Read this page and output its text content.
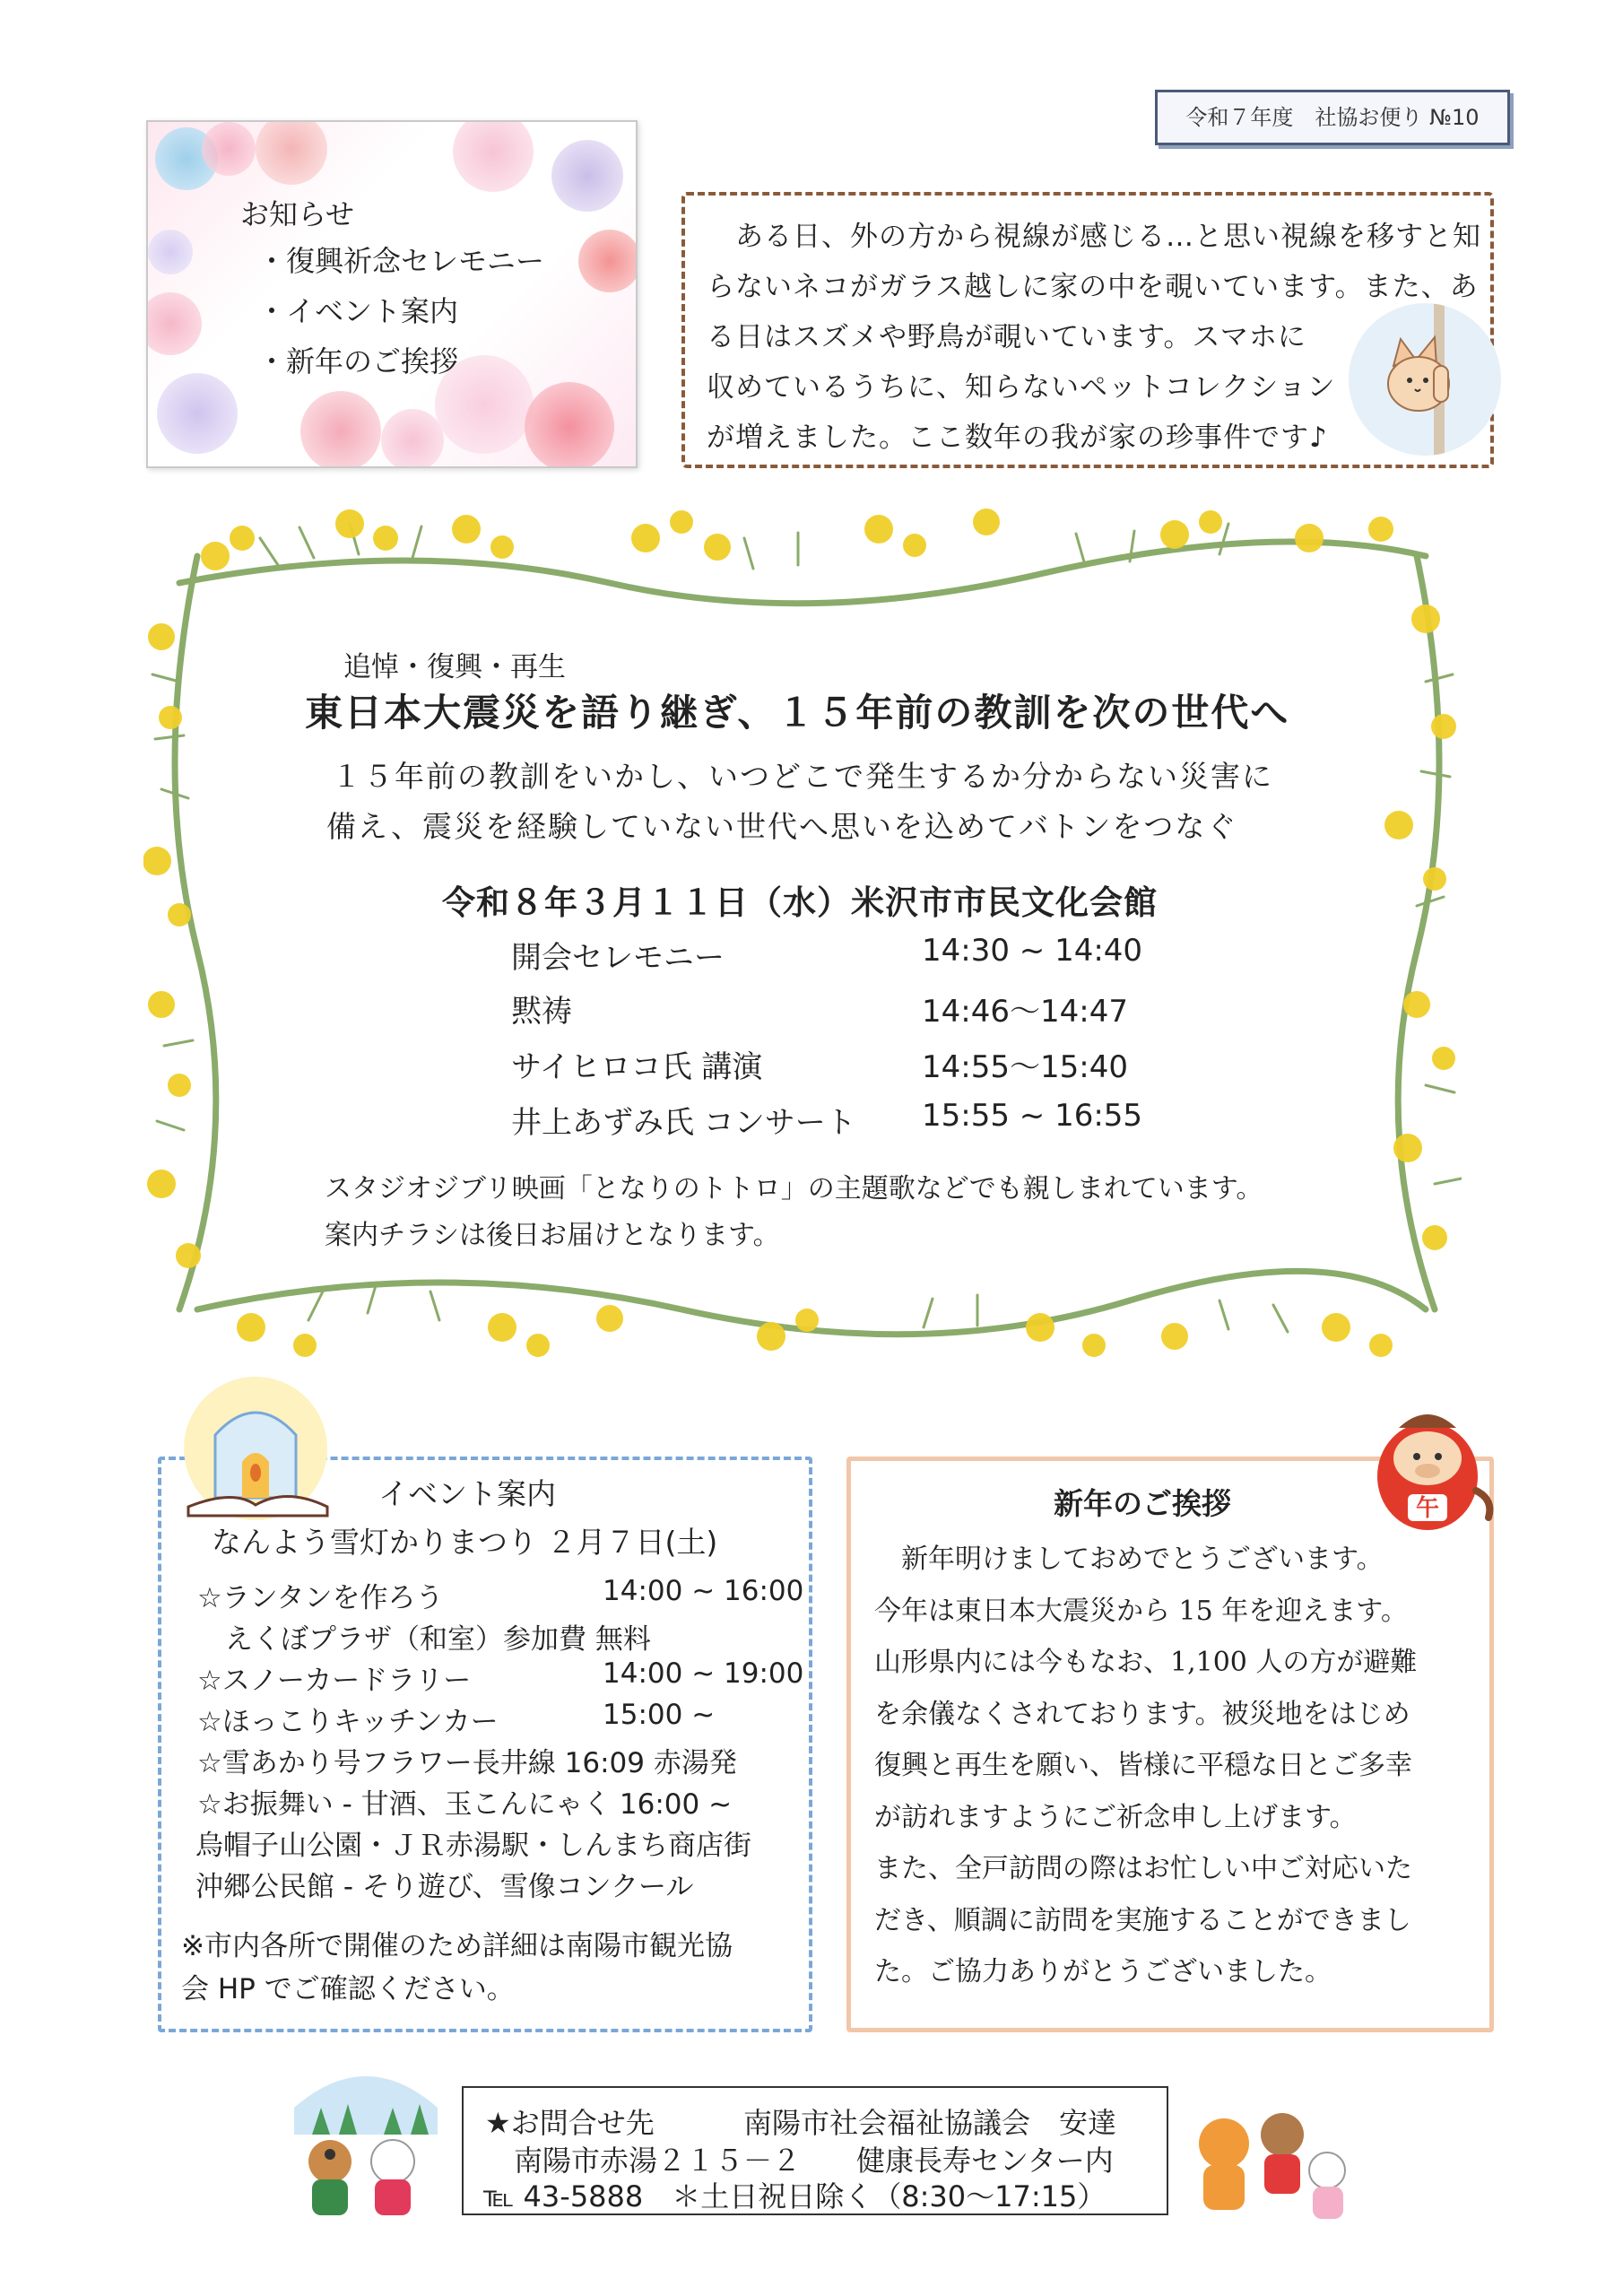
令和７年度　社協お便り №10
お知らせ
・復興祈念セレモニー
・イベント案内
・新年のご挨拶
　ある日、外の方から視線が感じる…と思い視線を移すと知
らないネコがガラス越しに家の中を覗いています。また、あ
る日はスズメや野鳥が覗いています。スマホに
収めているうちに、知らないペットコレクション
が増えました。ここ数年の我が家の珍事件です♪
追悼・復興・再生
東日本大震災を語り継ぎ、１５年前の教訓を次の世代へ
１５年前の教訓をいかし、いつどこで発生するか分からない災害に
備え、震災を経験していない世代へ思いを込めてバトンをつなぐ
令和８年３月１１日（水）米沢市市民文化会館
開会セレモニー	14:30 ~ 14:40
黙祷	14:46～14:47
サイヒロコ氏 講演	14:55～15:40
井上あずみ氏 コンサート 15:55 ~ 16:55
スタジオジブリ映画「となりのトトロ」の主題歌などでも親しまれています。
案内チラシは後日お届けとなります。
イベント案内
なんよう雪灯かりまつり ２月７日(土)
☆ランタンを作ろう	14:00 ~ 16:00
　えくぼプラザ（和室）参加費 無料
☆スノーカードラリー	14:00 ~ 19:00
☆ほっこりキッチンカー	15:00 ~
☆雪あかり号フラワー長井線 16:09 赤湯発
☆お振舞い - 甘酒、玉こんにゃく 16:00 ~
烏帽子山公園・ＪＲ赤湯駅・しんまち商店街
沖郷公民館 - そり遊び、雪像コンクール
※市内各所で開催のため詳細は南陽市観光協
会 HP でご確認ください。
新年のご挨拶
　新年明けましておめでとうございます。
今年は東日本大震災から 15 年を迎えます。
山形県内には今もなお、1,100 人の方が避難
を余儀なくされております。被災地をはじめ
復興と再生を願い、皆様に平穏な日とご多幸
が訪れますようにご祈念申し上げます。
また、全戸訪問の際はお忙しい中ご対応いた
だき、順調に訪問を実施することができまし
た。ご協力ありがとうございました。
午
★お問合せ先	南陽市社会福祉協議会　安達
南陽市赤湯２１５－２ 健康長寿センター内
℡ 43-5888　＊土日祝日除く（8:30～17:15）
